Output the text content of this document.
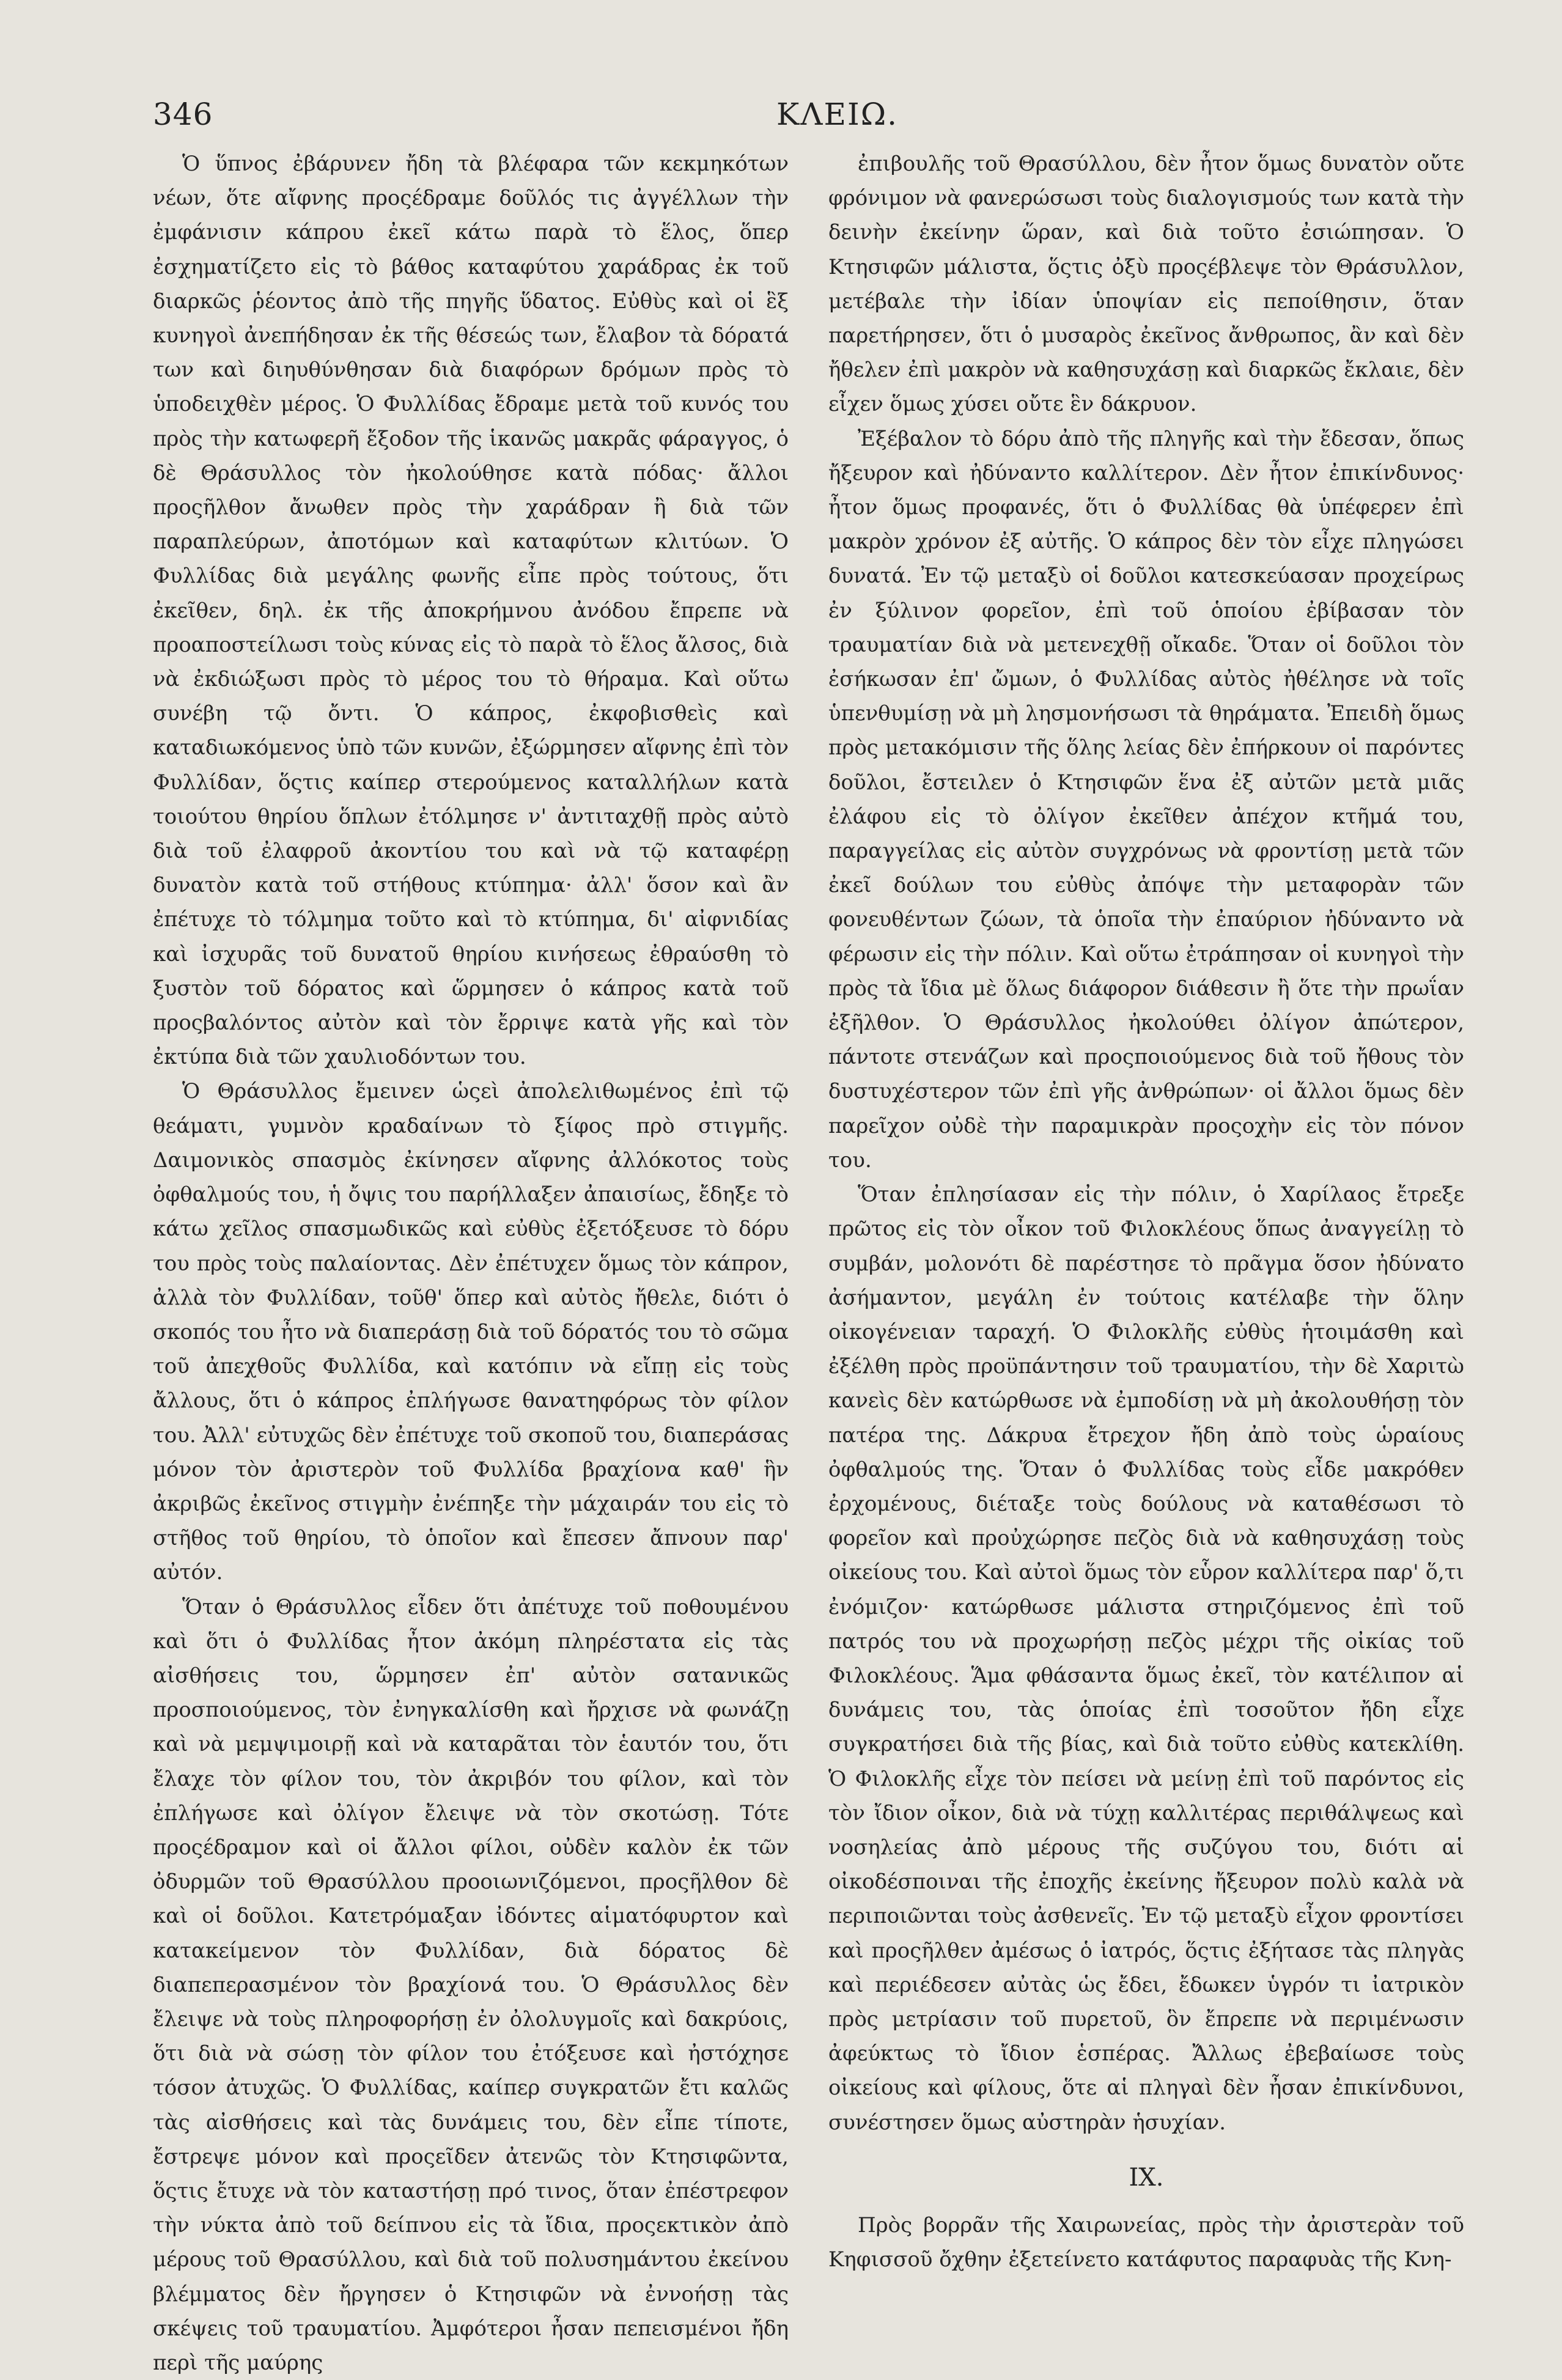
346	ΚΛΕΙΩ.

Ὁ ὕπνος ἐβάρυνεν ἤδη τὰ βλέφαρα τῶν κεκμηκότων νέων, ὅτε αἴφνης προςέδραμε δοῦλός τις ἀγγέλλων τὴν ἐμφάνισιν κάπρου ἐκεῖ κάτω παρὰ τὸ ἕλος, ὅπερ ἐσχηματίζετο εἰς τὸ βάθος καταφύτου χαράδρας ἐκ τοῦ διαρκῶς ῥέοντος ἀπὸ τῆς πηγῆς ὕδατος. Εὐθὺς καὶ οἱ ἓξ κυνηγοὶ ἀνεπήδησαν ἐκ τῆς θέσεώς των, ἔλαβον τὰ δόρατά των καὶ διηυθύνθησαν διὰ διαφόρων δρόμων πρὸς τὸ ὑποδειχθὲν μέρος. Ὁ Φυλλίδας ἔδραμε μετὰ τοῦ κυνός του πρὸς τὴν κατωφερῆ ἔξοδον τῆς ἱκανῶς μακρᾶς φάραγγος, ὁ δὲ Θράσυλλος τὸν ἠκολούθησε κατὰ πόδας· ἄλλοι προςῆλθον ἄνωθεν πρὸς τὴν χαράδραν ἢ διὰ τῶν παραπλεύρων, ἀποτόμων καὶ καταφύτων κλιτύων. Ὁ Φυλλίδας διὰ μεγάλης φωνῆς εἶπε πρὸς τούτους, ὅτι ἐκεῖθεν, δηλ. ἐκ τῆς ἀποκρήμνου ἀνόδου ἔπρεπε νὰ προαποστείλωσι τοὺς κύνας εἰς τὸ παρὰ τὸ ἕλος ἄλσος, διὰ νὰ ἐκδιώξωσι πρὸς τὸ μέρος του τὸ θήραμα. Καὶ οὕτω συνέβη τῷ ὄντι. Ὁ κάπρος, ἐκφοβισθεὶς καὶ καταδιωκόμενος ὑπὸ τῶν κυνῶν, ἐξώρμησεν αἴφνης ἐπὶ τὸν Φυλλίδαν, ὅςτις καίπερ στερούμενος καταλλήλων κατὰ τοιούτου θηρίου ὅπλων ἐτόλμησε ν' ἀντιταχθῇ πρὸς αὐτὸ διὰ τοῦ ἐλαφροῦ ἀκοντίου του καὶ νὰ τῷ καταφέρῃ δυνατὸν κατὰ τοῦ στήθους κτύπημα· ἀλλ' ὅσον καὶ ἂν ἐπέτυχε τὸ τόλμημα τοῦτο καὶ τὸ κτύπημα, δι' αἰφνιδίας καὶ ἰσχυρᾶς τοῦ δυνατοῦ θηρίου κινήσεως ἐθραύσθη τὸ ξυστὸν τοῦ δόρατος καὶ ὥρμησεν ὁ κάπρος κατὰ τοῦ προςβαλόντος αὐτὸν καὶ τὸν ἔρριψε κατὰ γῆς καὶ τὸν ἐκτύπα διὰ τῶν χαυλιοδόντων του.

Ὁ Θράσυλλος ἔμεινεν ὡςεὶ ἀπολελιθωμένος ἐπὶ τῷ θεάματι, γυμνὸν κραδαίνων τὸ ξίφος πρὸ στιγμῆς. Δαιμονικὸς σπασμὸς ἐκίνησεν αἴφνης ἀλλόκοτος τοὺς ὀφθαλμούς του, ἡ ὄψις του παρήλλαξεν ἀπαισίως, ἔδηξε τὸ κάτω χεῖλος σπασμωδικῶς καὶ εὐθὺς ἐξετόξευσε τὸ δόρυ του πρὸς τοὺς παλαίοντας. Δὲν ἐπέτυχεν ὅμως τὸν κάπρον, ἀλλὰ τὸν Φυλλίδαν, τοῦθ' ὅπερ καὶ αὐτὸς ἤθελε, διότι ὁ σκοπός του ἦτο νὰ διαπεράσῃ διὰ τοῦ δόρατός του τὸ σῶμα τοῦ ἀπεχθοῦς Φυλλίδα, καὶ κατόπιν νὰ εἴπῃ εἰς τοὺς ἄλλους, ὅτι ὁ κάπρος ἐπλήγωσε θανατηφόρως τὸν φίλον του. Ἀλλ' εὐτυχῶς δὲν ἐπέτυχε τοῦ σκοποῦ του, διαπεράσας μόνον τὸν ἀριστερὸν τοῦ Φυλλίδα βραχίονα καθ' ἣν ἀκριβῶς ἐκεῖνος στιγμὴν ἐνέπηξε τὴν μάχαιράν του εἰς τὸ στῆθος τοῦ θηρίου, τὸ ὁποῖον καὶ ἔπεσεν ἄπνουν παρ' αὐτόν.

Ὅταν ὁ Θράσυλλος εἶδεν ὅτι ἀπέτυχε τοῦ ποθουμένου καὶ ὅτι ὁ Φυλλίδας ἦτον ἀκόμη πληρέστατα εἰς τὰς αἰσθήσεις του, ὥρμησεν ἐπ' αὐτὸν σατανικῶς προσποιούμενος, τὸν ἐνηγκαλίσθη καὶ ἤρχισε νὰ φωνάζῃ καὶ νὰ μεμψιμοιρῇ καὶ νὰ καταρᾶται τὸν ἑαυτόν του, ὅτι ἔλαχε τὸν φίλον του, τὸν ἀκριβόν του φίλον, καὶ τὸν ἐπλήγωσε καὶ ὀλίγον ἔλειψε νὰ τὸν σκοτώσῃ. Τότε προςέδραμον καὶ οἱ ἄλλοι φίλοι, οὐδὲν καλὸν ἐκ τῶν ὀδυρμῶν τοῦ Θρασύλλου προοιωνιζόμενοι, προςῆλθον δὲ καὶ οἱ δοῦλοι. Κατετρόμαξαν ἰδόντες αἱματόφυρτον καὶ κατακείμενον τὸν Φυλλίδαν, διὰ δόρατος δὲ διαπεπερασμένον τὸν βραχίονά του. Ὁ Θράσυλλος δὲν ἔλειψε νὰ τοὺς πληροφορήσῃ ἐν ὀλολυγμοῖς καὶ δακρύοις, ὅτι διὰ νὰ σώσῃ τὸν φίλον του ἐτόξευσε καὶ ἠστόχησε τόσον ἀτυχῶς. Ὁ Φυλλίδας, καίπερ συγκρατῶν ἔτι καλῶς τὰς αἰσθήσεις καὶ τὰς δυνάμεις του, δὲν εἶπε τίποτε, ἔστρεψε μόνον καὶ προςεῖδεν ἀτενῶς τὸν Κτησιφῶντα, ὅςτις ἔτυχε νὰ τὸν καταστήσῃ πρό τινος, ὅταν ἐπέστρεφον τὴν νύκτα ἀπὸ τοῦ δείπνου εἰς τὰ ἴδια, προςεκτικὸν ἀπὸ μέρους τοῦ Θρασύλλου, καὶ διὰ τοῦ πολυσημάντου ἐκείνου βλέμματος δὲν ἤργησεν ὁ Κτησιφῶν νὰ ἐννοήσῃ τὰς σκέψεις τοῦ τραυματίου. Ἀμφότεροι ἦσαν πεπεισμένοι ἤδη περὶ τῆς μαύρης

ἐπιβουλῆς τοῦ Θρασύλλου, δὲν ἦτον ὅμως δυνατὸν οὔτε φρόνιμον νὰ φανερώσωσι τοὺς διαλογισμούς των κατὰ τὴν δεινὴν ἐκείνην ὥραν, καὶ διὰ τοῦτο ἐσιώπησαν. Ὁ Κτησιφῶν μάλιστα, ὅςτις ὀξὺ προςέβλεψε τὸν Θράσυλλον, μετέβαλε τὴν ἰδίαν ὑποψίαν εἰς πεποίθησιν, ὅταν παρετήρησεν, ὅτι ὁ μυσαρὸς ἐκεῖνος ἄνθρωπος, ἂν καὶ δὲν ἤθελεν ἐπὶ μακρὸν νὰ καθησυχάσῃ καὶ διαρκῶς ἔκλαιε, δὲν εἶχεν ὅμως χύσει οὔτε ἓν δάκρυον.

Ἐξέβαλον τὸ δόρυ ἀπὸ τῆς πληγῆς καὶ τὴν ἔδεσαν, ὅπως ἤξευρον καὶ ἠδύναντο καλλίτερον. Δὲν ἦτον ἐπικίνδυνος· ἦτον ὅμως προφανές, ὅτι ὁ Φυλλίδας θὰ ὑπέφερεν ἐπὶ μακρὸν χρόνον ἐξ αὐτῆς. Ὁ κάπρος δὲν τὸν εἶχε πληγώσει δυνατά. Ἐν τῷ μεταξὺ οἱ δοῦλοι κατεσκεύασαν προχείρως ἐν ξύλινον φορεῖον, ἐπὶ τοῦ ὁποίου ἐβίβασαν τὸν τραυματίαν διὰ νὰ μετενεχθῇ οἴκαδε. Ὅταν οἱ δοῦλοι τὸν ἐσήκωσαν ἐπ' ὤμων, ὁ Φυλλίδας αὐτὸς ἠθέλησε νὰ τοῖς ὑπενθυμίσῃ νὰ μὴ λησμονήσωσι τὰ θηράματα. Ἐπειδὴ ὅμως πρὸς μετακόμισιν τῆς ὅλης λείας δὲν ἐπήρκουν οἱ παρόντες δοῦλοι, ἔστειλεν ὁ Κτησιφῶν ἕνα ἐξ αὐτῶν μετὰ μιᾶς ἐλάφου εἰς τὸ ὀλίγον ἐκεῖθεν ἀπέχον κτῆμά του, παραγγείλας εἰς αὐτὸν συγχρόνως νὰ φροντίσῃ μετὰ τῶν ἐκεῖ δούλων του εὐθὺς ἀπόψε τὴν μεταφορὰν τῶν φονευθέντων ζώων, τὰ ὁποῖα τὴν ἐπαύριον ἠδύναντο νὰ φέρωσιν εἰς τὴν πόλιν. Καὶ οὕτω ἐτράπησαν οἱ κυνηγοὶ τὴν πρὸς τὰ ἴδια μὲ ὅλως διάφορον διάθεσιν ἢ ὅτε τὴν πρωΐαν ἐξῆλθον. Ὁ Θράσυλλος ἠκολούθει ὀλίγον ἀπώτερον, πάντοτε στενάζων καὶ προςποιούμενος διὰ τοῦ ἤθους τὸν δυστυχέστερον τῶν ἐπὶ γῆς ἀνθρώπων· οἱ ἄλλοι ὅμως δὲν παρεῖχον οὐδὲ τὴν παραμικρὰν προςοχὴν εἰς τὸν πόνον του.

Ὅταν ἐπλησίασαν εἰς τὴν πόλιν, ὁ Χαρίλαος ἔτρεξε πρῶτος εἰς τὸν οἶκον τοῦ Φιλοκλέους ὅπως ἀναγγείλῃ τὸ συμβάν, μολονότι δὲ παρέστησε τὸ πρᾶγμα ὅσον ἠδύνατο ἀσήμαντον, μεγάλη ἐν τούτοις κατέλαβε τὴν ὅλην οἰκογένειαν ταραχή. Ὁ Φιλοκλῆς εὐθὺς ἡτοιμάσθη καὶ ἐξέλθη πρὸς προϋπάντησιν τοῦ τραυματίου, τὴν δὲ Χαριτὼ κανεὶς δὲν κατώρθωσε νὰ ἐμποδίσῃ νὰ μὴ ἀκολουθήσῃ τὸν πατέρα της. Δάκρυα ἔτρεχον ἤδη ἀπὸ τοὺς ὡραίους ὀφθαλμούς της. Ὅταν ὁ Φυλλίδας τοὺς εἶδε μακρόθεν ἐρχομένους, διέταξε τοὺς δούλους νὰ καταθέσωσι τὸ φορεῖον καὶ προὐχώρησε πεζὸς διὰ νὰ καθησυχάσῃ τοὺς οἰκείους του. Καὶ αὐτοὶ ὅμως τὸν εὗρον καλλίτερα παρ' ὅ,τι ἐνόμιζον· κατώρθωσε μάλιστα στηριζόμενος ἐπὶ τοῦ πατρός του νὰ προχωρήσῃ πεζὸς μέχρι τῆς οἰκίας τοῦ Φιλοκλέους. Ἅμα φθάσαντα ὅμως ἐκεῖ, τὸν κατέλιπον αἱ δυνάμεις του, τὰς ὁποίας ἐπὶ τοσοῦτον ἤδη εἶχε συγκρατήσει διὰ τῆς βίας, καὶ διὰ τοῦτο εὐθὺς κατεκλίθη. Ὁ Φιλοκλῆς εἶχε τὸν πείσει νὰ μείνῃ ἐπὶ τοῦ παρόντος εἰς τὸν ἴδιον οἶκον, διὰ νὰ τύχῃ καλλιτέρας περιθάλψεως καὶ νοσηλείας ἀπὸ μέρους τῆς συζύγου του, διότι αἱ οἰκοδέσποιναι τῆς ἐποχῆς ἐκείνης ἤξευρον πολὺ καλὰ νὰ περιποιῶνται τοὺς ἀσθενεῖς. Ἐν τῷ μεταξὺ εἶχον φροντίσει καὶ προςῆλθεν ἀμέσως ὁ ἰατρός, ὅςτις ἐξήτασε τὰς πληγὰς καὶ περιέδεσεν αὐτὰς ὡς ἔδει, ἔδωκεν ὑγρόν τι ἰατρικὸν πρὸς μετρίασιν τοῦ πυρετοῦ, ὃν ἔπρεπε νὰ περιμένωσιν ἀφεύκτως τὸ ἴδιον ἑσπέρας. Ἄλλως ἐβεβαίωσε τοὺς οἰκείους καὶ φίλους, ὅτε αἱ πληγαὶ δὲν ἦσαν ἐπικίνδυνοι, συνέστησεν ὅμως αὐστηρὰν ἡσυχίαν.

IX.

Πρὸς βορρᾶν τῆς Χαιρωνείας, πρὸς τὴν ἀριστερὰν τοῦ Κηφισσοῦ ὄχθην ἐξετείνετο κατάφυτος παραφυὰς τῆς Κνη-
